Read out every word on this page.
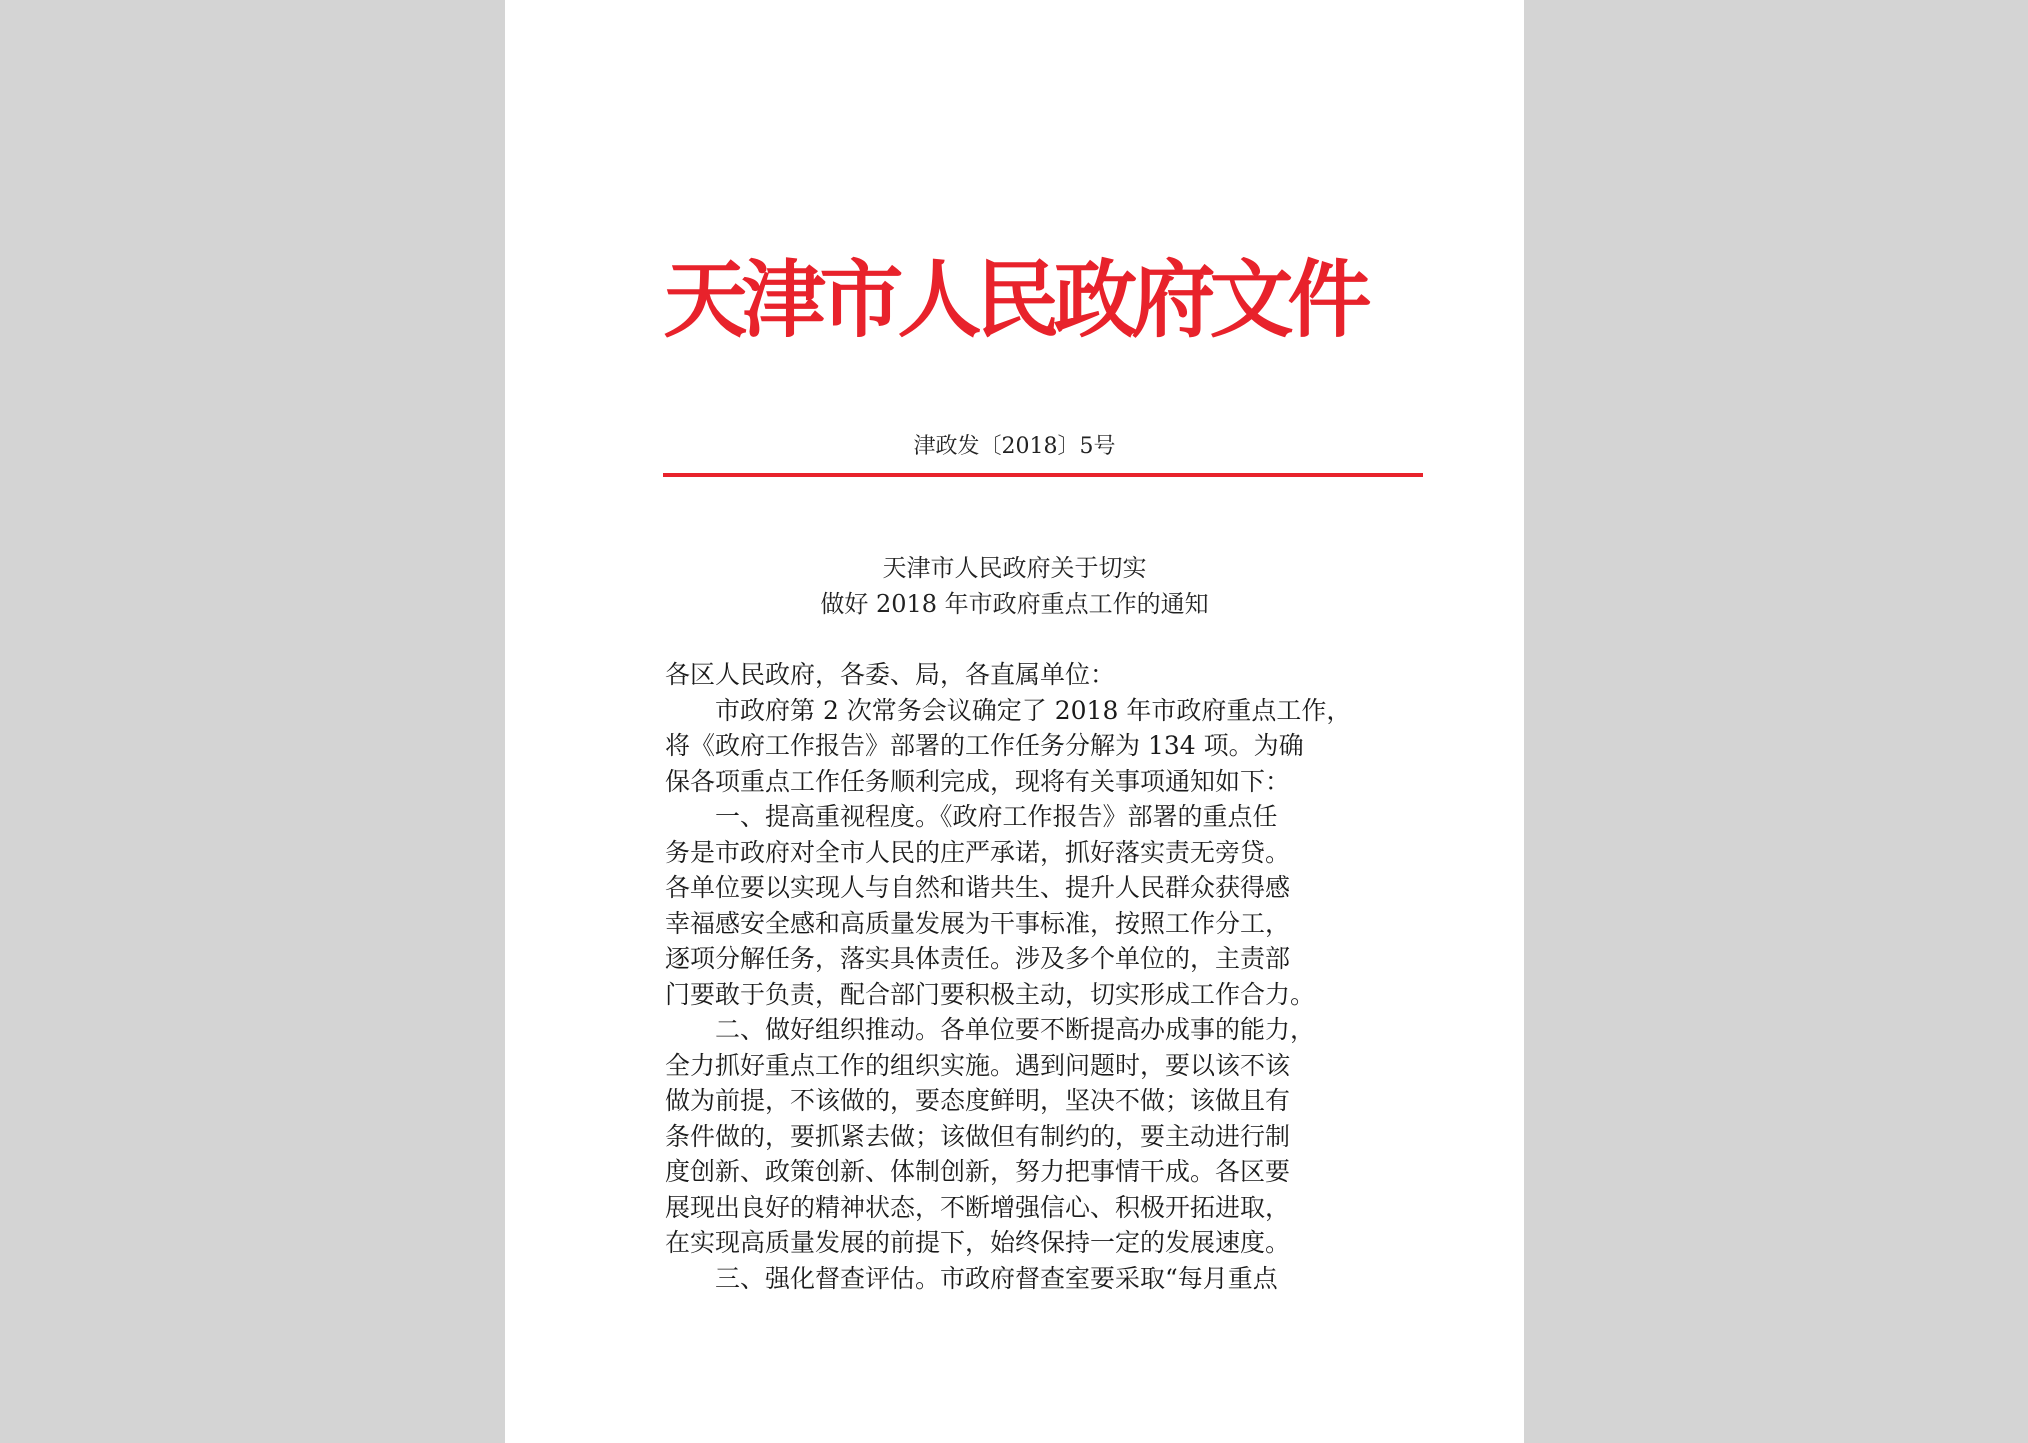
天津市人民政府文件
津政发〔2018〕5号
天津市人民政府关于切实
做好 2018 年市政府重点工作的通知
各区人民政府，各委、局，各直属单位：
市政府第 2 次常务会议确定了 2018 年市政府重点工作，
将《政府工作报告》部署的工作任务分解为 134 项。为确
保各项重点工作任务顺利完成，现将有关事项通知如下：
一、提高重视程度。《政府工作报告》部署的重点任
务是市政府对全市人民的庄严承诺，抓好落实责无旁贷。
各单位要以实现人与自然和谐共生、提升人民群众获得感
幸福感安全感和高质量发展为干事标准，按照工作分工，
逐项分解任务，落实具体责任。涉及多个单位的，主责部
门要敢于负责，配合部门要积极主动，切实形成工作合力。
二、做好组织推动。各单位要不断提高办成事的能力，
全力抓好重点工作的组织实施。遇到问题时，要以该不该
做为前提，不该做的，要态度鲜明，坚决不做；该做且有
条件做的，要抓紧去做；该做但有制约的，要主动进行制
度创新、政策创新、体制创新，努力把事情干成。各区要
展现出良好的精神状态，不断增强信心、积极开拓进取，
在实现高质量发展的前提下，始终保持一定的发展速度。
三、强化督查评估。市政府督查室要采取“每月重点
